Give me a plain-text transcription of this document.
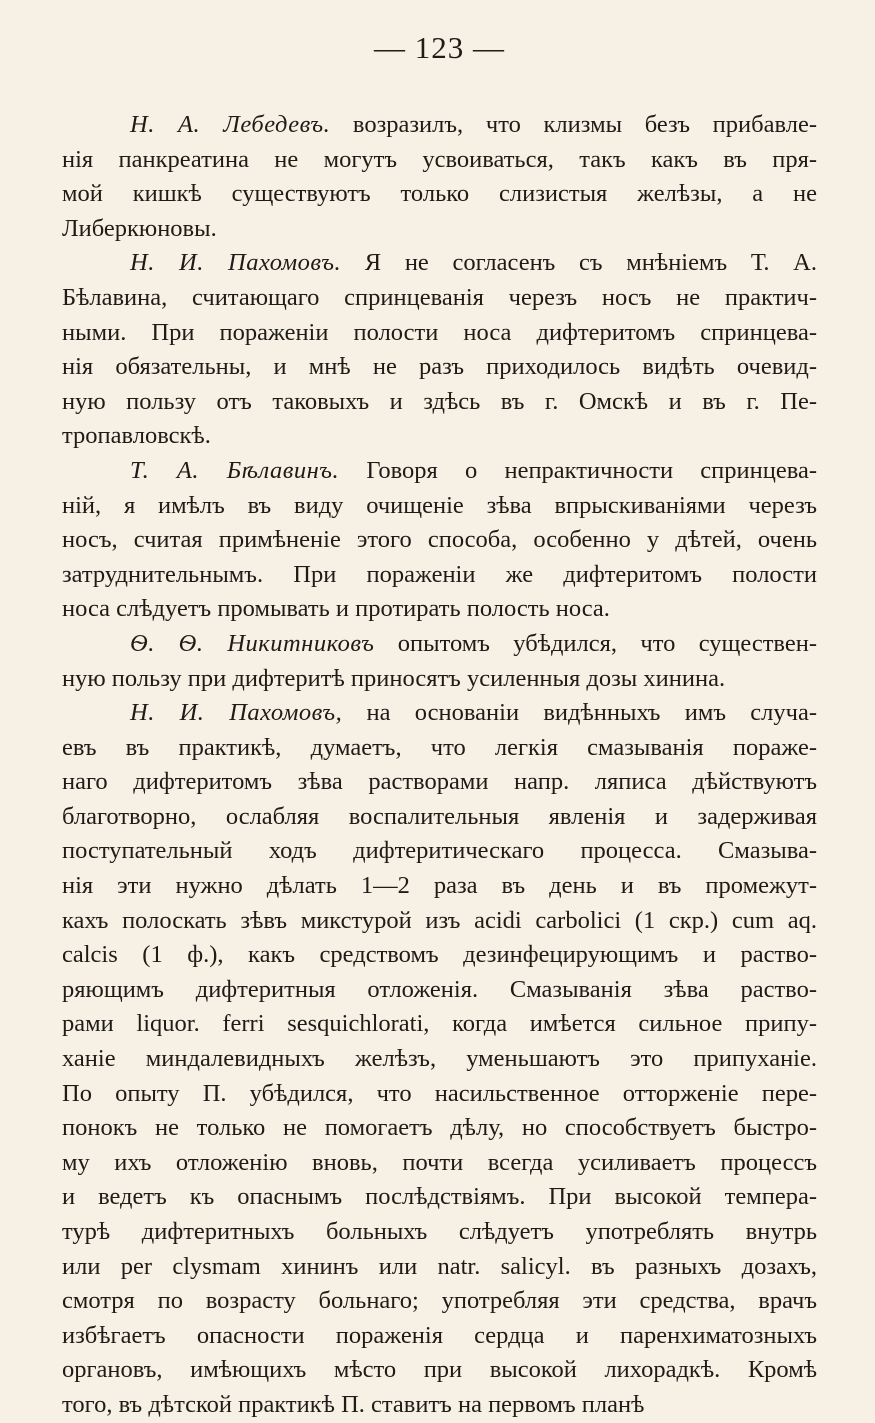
— 123 —
Н. А. Лебедевъ. возразилъ, что клизмы безъ прибавле-
нія панкреатина не могутъ усвоиваться, такъ какъ въ пря-
мой кишкѣ существуютъ только слизистыя желѣзы, а не
Либеркюновы.
Н. И. Пахомовъ. Я не согласенъ съ мнѣніемъ Т. А.
Бѣлавина, считающаго спринцеванія черезъ носъ не практич-
ными. При пораженіи полости носа дифтеритомъ спринцева-
нія обязательны, и мнѣ не разъ приходилось видѣть очевид-
ную пользу отъ таковыхъ и здѣсь въ г. Омскѣ и въ г. Пе-
тропавловскѣ.
Т. А. Бѣлавинъ. Говоря о непрактичности спринцева-
ній, я имѣлъ въ виду очищеніе зѣва впрыскиваніями черезъ
носъ, считая примѣненіе этого способа, особенно у дѣтей, очень
затруднительнымъ. При пораженіи же дифтеритомъ полости
носа слѣдуетъ промывать и протирать полость носа.
Ѳ. Ѳ. Никитниковъ опытомъ убѣдился, что существен-
ную пользу при дифтеритѣ приносятъ усиленныя дозы хинина.
Н. И. Пахомовъ, на основаніи видѣнныхъ имъ случа-
евъ въ практикѣ, думаетъ, что легкія смазыванія пораже-
наго дифтеритомъ зѣва растворами напр. ляписа дѣйствуютъ
благотворно, ослабляя воспалительныя явленія и задерживая
поступательный ходъ дифтеритическаго процесса. Смазыва-
нія эти нужно дѣлать 1—2 раза въ день и въ промежут-
кахъ полоскать зѣвъ микстурой изъ acidi carbolici (1 скр.) cum aq.
calcis (1 ф.), какъ средствомъ дезинфецирующимъ и раство-
ряющимъ дифтеритныя отложенія. Смазыванія зѣва раство-
рами liquor. ferri sesquichlorati, когда имѣется сильное припу-
ханіе миндалевидныхъ желѣзъ, уменьшаютъ это припуханіе.
По опыту П. убѣдился, что насильственное отторженіе пере-
понокъ не только не помогаетъ дѣлу, но способствуетъ быстро-
му ихъ отложенію вновь, почти всегда усиливаетъ процессъ
и ведетъ къ опаснымъ послѣдствіямъ. При высокой темпера-
турѣ дифтеритныхъ больныхъ слѣдуетъ употреблять внутрь
или per clysmam хининъ или natr. salicyl. въ разныхъ дозахъ,
смотря по возрасту больнаго; употребляя эти средства, врачъ
избѣгаетъ опасности пораженія сердца и паренхиматозныхъ
органовъ, имѣющихъ мѣсто при высокой лихорадкѣ. Кромѣ
того, въ дѣтской практикѣ П. ставитъ на первомъ планѣ
